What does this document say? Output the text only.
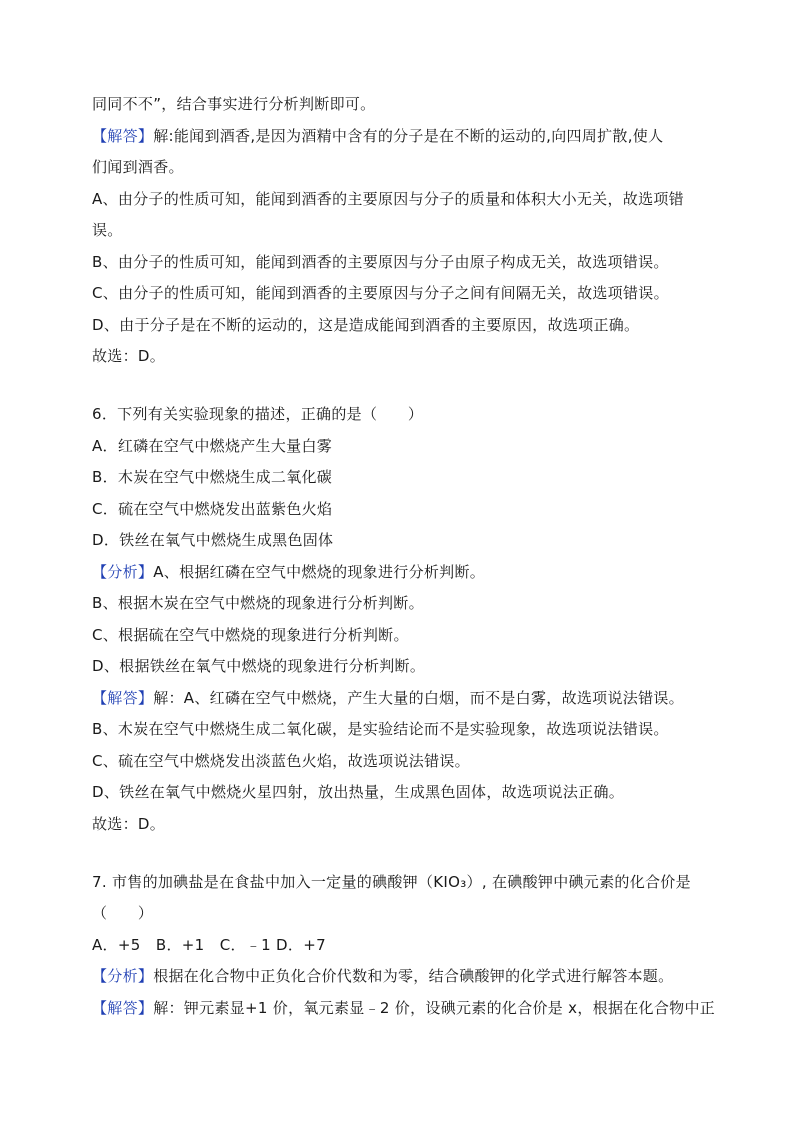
同同不不”，结合事实进行分析判断即可。
【解答】解:能闻到酒香,是因为酒精中含有的分子是在不断的运动的,向四周扩散,使人
们闻到酒香。
A、由分子的性质可知，能闻到酒香的主要原因与分子的质量和体积大小无关，故选项错
误。
B、由分子的性质可知，能闻到酒香的主要原因与分子由原子构成无关，故选项错误。
C、由分子的性质可知，能闻到酒香的主要原因与分子之间有间隔无关，故选项错误。
D、由于分子是在不断的运动的，这是造成能闻到酒香的主要原因，故选项正确。
故选：D。
6．下列有关实验现象的描述，正确的是（　　）
A．红磷在空气中燃烧产生大量白雾
B．木炭在空气中燃烧生成二氧化碳
C．硫在空气中燃烧发出蓝紫色火焰
D．铁丝在氧气中燃烧生成黑色固体
【分析】A、根据红磷在空气中燃烧的现象进行分析判断。
B、根据木炭在空气中燃烧的现象进行分析判断。
C、根据硫在空气中燃烧的现象进行分析判断。
D、根据铁丝在氧气中燃烧的现象进行分析判断。
【解答】解：A、红磷在空气中燃烧，产生大量的白烟，而不是白雾，故选项说法错误。
B、木炭在空气中燃烧生成二氧化碳，是实验结论而不是实验现象，故选项说法错误。
C、硫在空气中燃烧发出淡蓝色火焰，故选项说法错误。
D、铁丝在氧气中燃烧火星四射，放出热量，生成黑色固体，故选项说法正确。
故选：D。
7. 市售的加碘盐是在食盐中加入一定量的碘酸钾（KIO₃）, 在碘酸钾中碘元素的化合价是
（　　）
A．+5　B．+1　C．﹣1 D．+7
【分析】根据在化合物中正负化合价代数和为零，结合碘酸钾的化学式进行解答本题。
【解答】解：钾元素显+1 价，氧元素显﹣2 价，设碘元素的化合价是 x，根据在化合物中正
